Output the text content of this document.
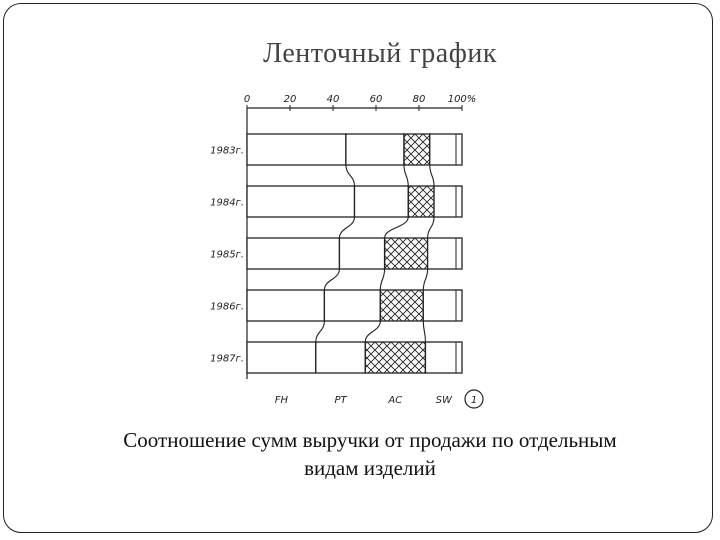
Ленточный график
0	20	40	60	80 100%
1983г.
1984г.
1985г.
1986г.
1987г.
FH	PT	AC	SW 1
Соотношение сумм выручки от продажи по отдельным
видам изделий
